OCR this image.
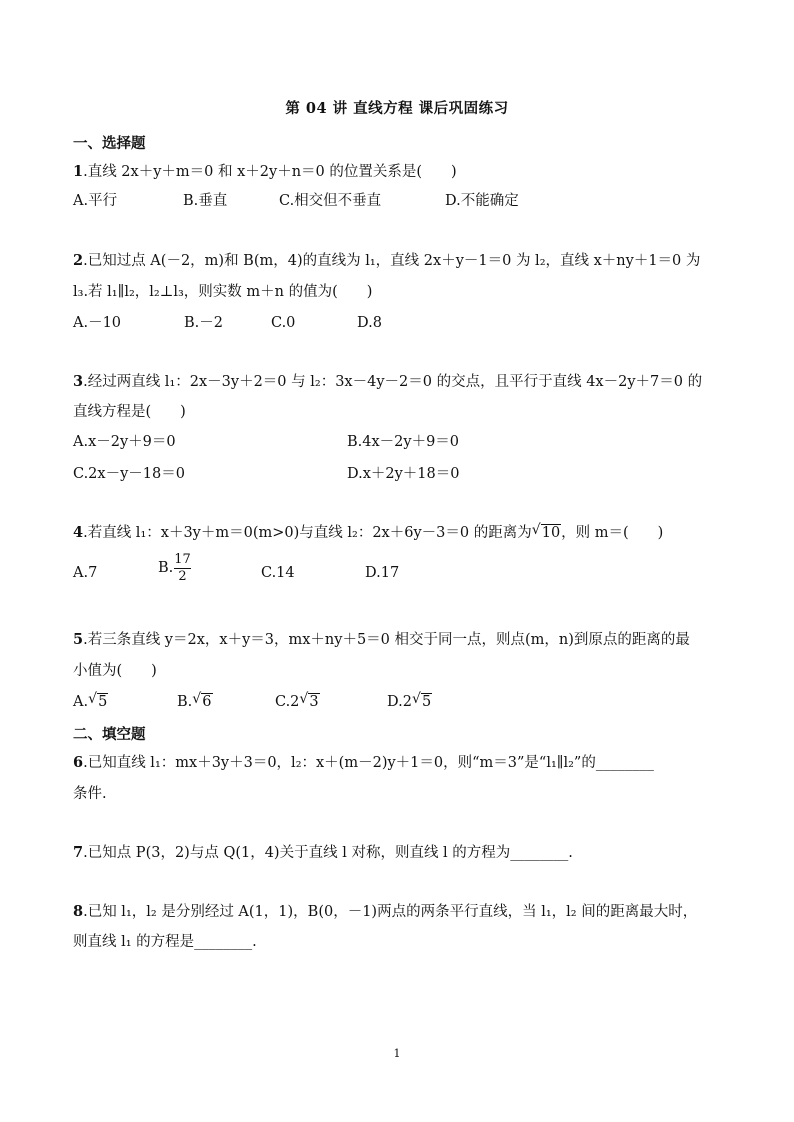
第 04 讲 直线方程 课后巩固练习
一、选择题
1.直线 2x＋y＋m＝0 和 x＋2y＋n＝0 的位置关系是(　　)
A.平行	B.垂直	C.相交但不垂直	D.不能确定
2.已知过点 A(－2，m)和 B(m，4)的直线为 l₁，直线 2x＋y－1＝0 为 l₂，直线 x＋ny＋1＝0 为
l₃.若 l₁∥l₂，l₂⊥l₃，则实数 m＋n 的值为(　　)
A.－10	B.－2	C.0	D.8
3.经过两直线 l₁：2x－3y＋2＝0 与 l₂：3x－4y－2＝0 的交点，且平行于直线 4x－2y＋7＝0 的
直线方程是(　　)
A.x－2y＋9＝0	B.4x－2y＋9＝0
C.2x－y－18＝0	D.x＋2y＋18＝0
4.若直线 l₁：x＋3y＋m＝0(m>0)与直线 l₂：2x＋6y－3＝0 的距离为 √ 10，则 m＝(　　)
A.7	B. $\frac{17}{2}$	C.14	D.17
5.若三条直线 y＝2x，x＋y＝3，mx＋ny＋5＝0 相交于同一点，则点(m，n)到原点的距离的最
小值为(　　)
A. √ 5	B. √ 6	C.2 √ 3	D.2 √ 5
二、填空题
6.已知直线 l₁：mx＋3y＋3＝0，l₂：x＋(m－2)y＋1＝0，则“m＝3”是“l₁∥l₂”的________
条件.
7.已知点 P(3，2)与点 Q(1，4)关于直线 l 对称，则直线 l 的方程为________.
8.已知 l₁，l₂ 是分别经过 A(1，1)，B(0，－1)两点的两条平行直线，当 l₁，l₂ 间的距离最大时，
则直线 l₁ 的方程是________.
1
